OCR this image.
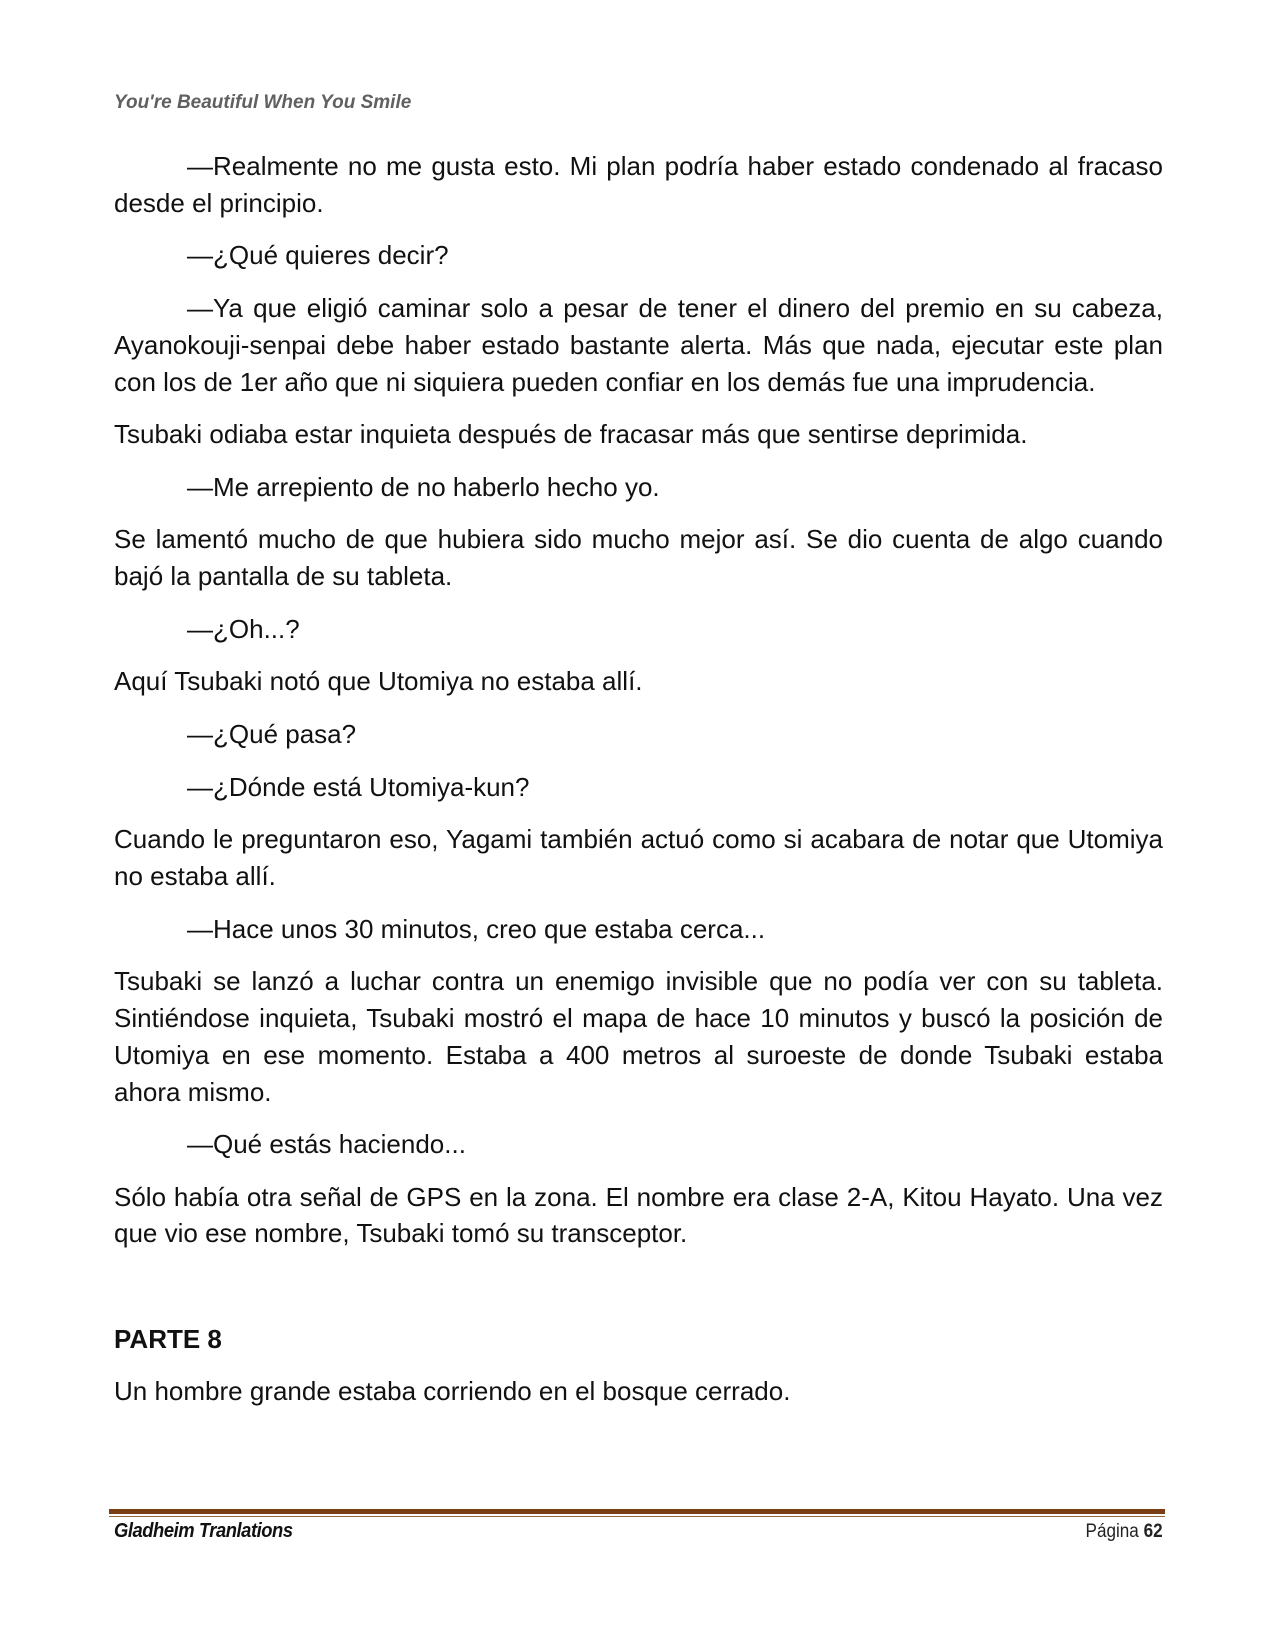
You're Beautiful When You Smile

—Realmente no me gusta esto. Mi plan podría haber estado condenado al fracaso desde el principio.

—¿Qué quieres decir?

—Ya que eligió caminar solo a pesar de tener el dinero del premio en su cabeza, Ayanokouji-senpai debe haber estado bastante alerta. Más que nada, ejecutar este plan con los de 1er año que ni siquiera pueden confiar en los demás fue una imprudencia.

Tsubaki odiaba estar inquieta después de fracasar más que sentirse deprimida.

—Me arrepiento de no haberlo hecho yo.

Se lamentó mucho de que hubiera sido mucho mejor así. Se dio cuenta de algo cuando bajó la pantalla de su tableta.

—¿Oh...?

Aquí Tsubaki notó que Utomiya no estaba allí.

—¿Qué pasa?

—¿Dónde está Utomiya-kun?

Cuando le preguntaron eso, Yagami también actuó como si acabara de notar que Utomiya no estaba allí.

—Hace unos 30 minutos, creo que estaba cerca...

Tsubaki se lanzó a luchar contra un enemigo invisible que no podía ver con su tableta. Sintiéndose inquieta, Tsubaki mostró el mapa de hace 10 minutos y buscó la posición de Utomiya en ese momento. Estaba a 400 metros al suroeste de donde Tsubaki estaba ahora mismo.

—Qué estás haciendo...

Sólo había otra señal de GPS en la zona. El nombre era clase 2-A, Kitou Hayato. Una vez que vio ese nombre, Tsubaki tomó su transceptor.

PARTE 8

Un hombre grande estaba corriendo en el bosque cerrado.

Gladheim Tranlations	Página 62
